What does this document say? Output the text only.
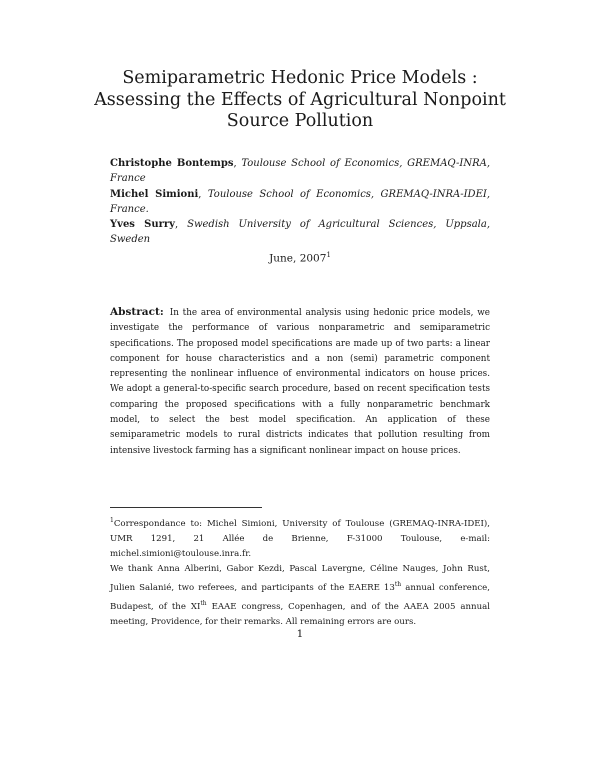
Semiparametric Hedonic Price Models :
Assessing the Effects of Agricultural Nonpoint
Source Pollution

Christophe Bontemps, Toulouse School of Economics, GREMAQ-INRA, France

Michel Simioni, Toulouse School of Economics, GREMAQ-INRA-IDEI, France.

Yves Surry, Swedish University of Agricultural Sciences, Uppsala, Sweden

June, 2007$^1$
Abstract: In the area of environmental analysis using hedonic price models, we investigate the performance of various nonparametric and semiparametric specifications. The proposed model specifications are made up of two parts: a linear component for house characteristics and a non (semi) parametric component representing the nonlinear influence of environmental indicators on house prices. We adopt a general-to-specific search procedure, based on recent specification tests comparing the proposed specifications with a fully nonparametric benchmark model, to select the best model specification. An application of these semiparametric models to rural districts indicates that pollution resulting from intensive livestock farming has a significant nonlinear impact on house prices.

$^1$Correspondance to: Michel Simioni, University of Toulouse (GREMAQ-INRA-IDEI), UMR 1291, 21 Allée de Brienne, F-31000 Toulouse, e-mail: michel.simioni@toulouse.inra.fr.

We thank Anna Alberini, Gabor Kezdi, Pascal Lavergne, Céline Nauges, John Rust, Julien Salanié, two referees, and participants of the EAERE 13th annual conference, Budapest, of the XIth EAAE congress, Copenhagen, and of the AAEA 2005 annual meeting, Providence, for their remarks. All remaining errors are ours.

1
